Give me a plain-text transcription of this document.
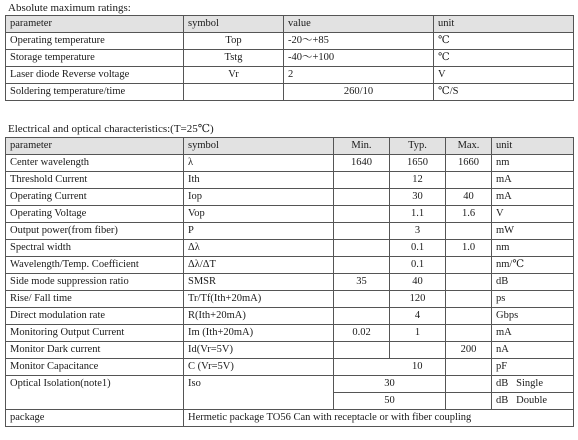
Absolute maximum ratings:
parameter	symbol	value	unit
Operating temperature	Top	-20～+85	℃
Storage temperature	Tstg	-40～+100	℃
Laser diode Reverse voltage	Vr	2	V
Soldering temperature/time		260/10	℃/S
Electrical and optical characteristics:(T=25℃)
parameter	symbol	Min.	Typ.	Max.	unit
Center wavelength	λ	1640	1650	1660	nm
Threshold Current	Ith		12		mA
Operating Current	Iop		30	40	mA
Operating Voltage	Vop		1.1	1.6	V
Output power(from fiber)	P		3		mW
Spectral width	Δλ		0.1	1.0	nm
Wavelength/Temp. Coefficient	Δλ/ΔT		0.1		nm/℃
Side mode suppression ratio	SMSR	35	40		dB
Rise/ Fall time	Tr/Tf(Ith+20mA)		120		ps
Direct modulation rate	R(Ith+20mA)		4		Gbps
Monitoring Output Current	Im (Ith+20mA)	0.02	1		mA
Monitor Dark current	Id(Vr=5V)			200	nA
Monitor Capacitance	C (Vr=5V)		10		pF
Optical Isolation(note1)	Iso	30			dB Single
		50			dB Double
package	Hermetic package TO56 Can with receptacle or with fiber coupling				
